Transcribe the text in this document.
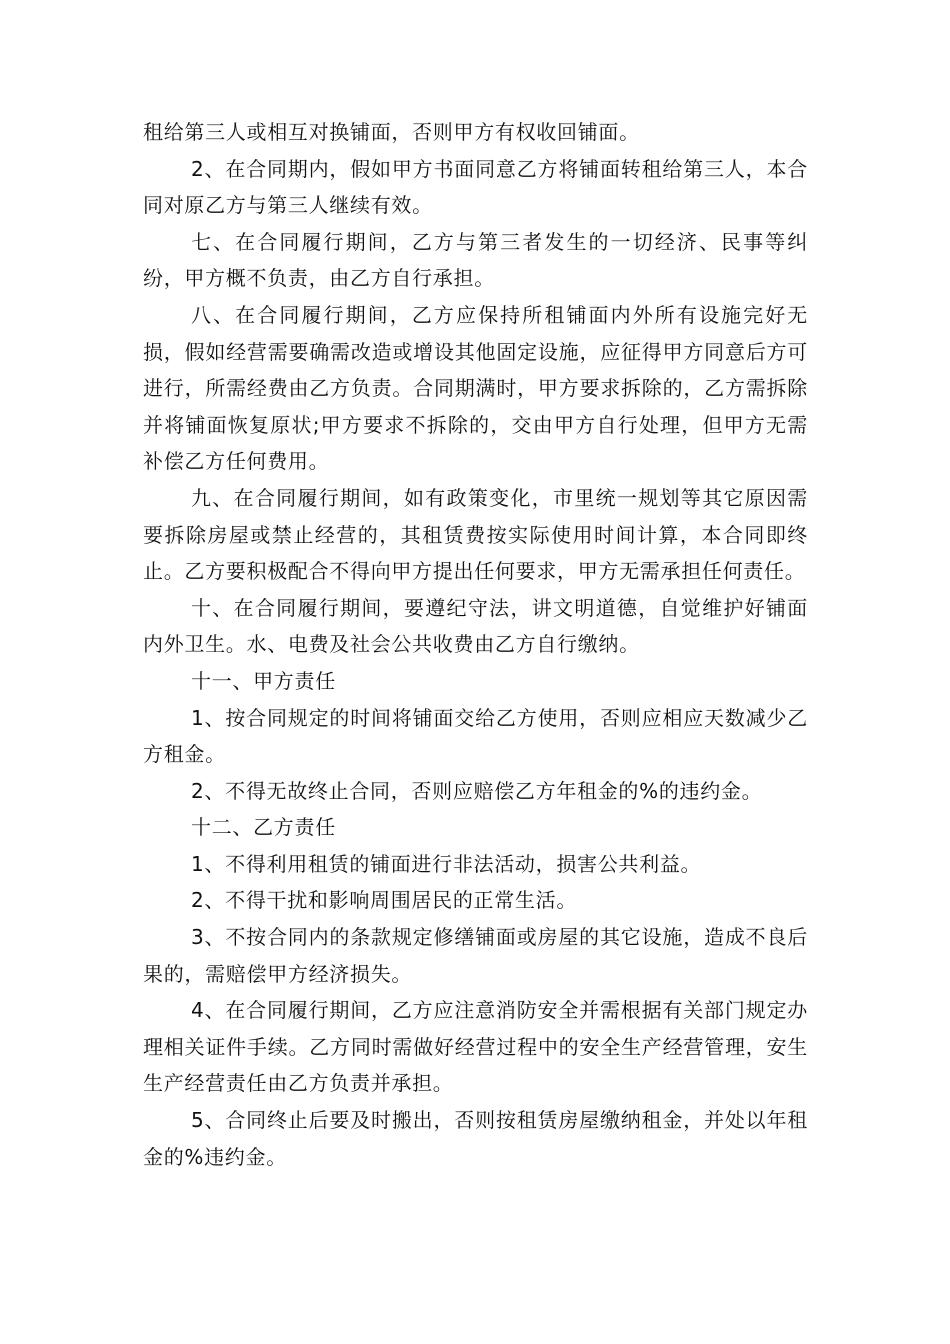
租给第三人或相互对换铺面，否则甲方有权收回铺面。

2、在合同期内，假如甲方书面同意乙方将铺面转租给第三人，本合同对原乙方与第三人继续有效。

七、在合同履行期间，乙方与第三者发生的一切经济、民事等纠纷，甲方概不负责，由乙方自行承担。

八、在合同履行期间，乙方应保持所租铺面内外所有设施完好无损，假如经营需要确需改造或增设其他固定设施，应征得甲方同意后方可进行，所需经费由乙方负责。合同期满时，甲方要求拆除的，乙方需拆除并将铺面恢复原状;甲方要求不拆除的，交由甲方自行处理，但甲方无需补偿乙方任何费用。

九、在合同履行期间，如有政策变化，市里统一规划等其它原因需要拆除房屋或禁止经营的，其租赁费按实际使用时间计算，本合同即终止。乙方要积极配合不得向甲方提出任何要求，甲方无需承担任何责任。

十、在合同履行期间，要遵纪守法，讲文明道德，自觉维护好铺面内外卫生。水、电费及社会公共收费由乙方自行缴纳。

十一、甲方责任

1、按合同规定的时间将铺面交给乙方使用，否则应相应天数减少乙方租金。

2、不得无故终止合同，否则应赔偿乙方年租金的%的违约金。

十二、乙方责任

1、不得利用租赁的铺面进行非法活动，损害公共利益。

2、不得干扰和影响周围居民的正常生活。

3、不按合同内的条款规定修缮铺面或房屋的其它设施，造成不良后果的，需赔偿甲方经济损失。

4、在合同履行期间，乙方应注意消防安全并需根据有关部门规定办理相关证件手续。乙方同时需做好经营过程中的安全生产经营管理，安生生产经营责任由乙方负责并承担。

5、合同终止后要及时搬出，否则按租赁房屋缴纳租金，并处以年租金的%违约金。
